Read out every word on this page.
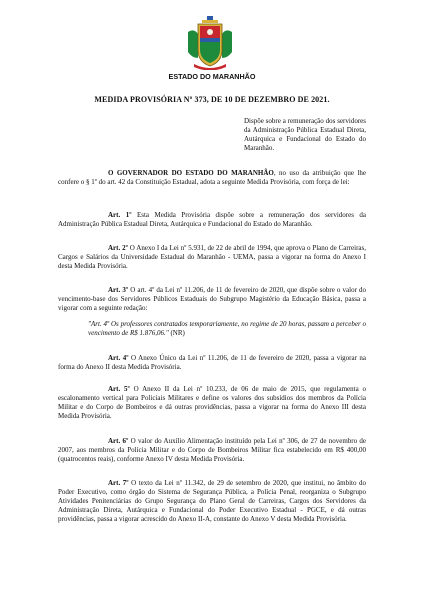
ESTADO DO MARANHÃO
MEDIDA PROVISÓRIA Nº 373, DE 10 DE DEZEMBRO DE 2021.
Dispõe sobre a remuneração dos servidores da Administração Pública Estadual Direta, Autárquica e Fundacional do Estado do Maranhão.

O GOVERNADOR DO ESTADO DO MARANHÃO, no uso da atribuição que lhe confere o § 1º do art. 42 da Constituição Estadual, adota a seguinte Medida Provisória, com força de lei:

Art. 1º Esta Medida Provisória dispõe sobre a remuneração dos servidores da Administração Pública Estadual Direta, Autárquica e Fundacional do Estado do Maranhão.

Art. 2º O Anexo I da Lei nº 5.931, de 22 de abril de 1994, que aprova o Plano de Carreiras, Cargos e Salários da Universidade Estadual do Maranhão - UEMA, passa a vigorar na forma do Anexo I desta Medida Provisória.

Art. 3º O art. 4º da Lei nº 11.206, de 11 de fevereiro de 2020, que dispõe sobre o valor do vencimento-base dos Servidores Públicos Estaduais do Subgrupo Magistério da Educação Básica, passa a vigorar com a seguinte redação:

"Art. 4º Os professores contratados temporariamente, no regime de 20 horas, passam a perceber o vencimento de R$ 1.876,06." (NR)

Art. 4º O Anexo Único da Lei nº 11.206, de 11 de fevereiro de 2020, passa a vigorar na forma do Anexo II desta Medida Provisória.

Art. 5º O Anexo II da Lei nº 10.233, de 06 de maio de 2015, que regulamenta o escalonamento vertical para Policiais Militares e define os valores dos subsídios dos membros da Polícia Militar e do Corpo de Bombeiros e dá outras providências, passa a vigorar na forma do Anexo III desta Medida Provisória.

Art. 6º O valor do Auxílio Alimentação instituído pela Lei nº 306, de 27 de novembro de 2007, aos membros da Polícia Militar e do Corpo de Bombeiros Militar fica estabelecido em R$ 400,00 (quatrocentos reais), conforme Anexo IV desta Medida Provisória.

Art. 7º O texto da Lei nº 11.342, de 29 de setembro de 2020, que institui, no âmbito do Poder Executivo, como órgão do Sistema de Segurança Pública, a Polícia Penal, reorganiza o Subgrupo Atividades Penitenciárias do Grupo Segurança do Plano Geral de Carreiras, Cargos dos Servidores da Administração Direta, Autárquica e Fundacional do Poder Executivo Estadual - PGCE, e dá outras providências, passa a vigorar acrescido do Anexo II-A, constante do Anexo V desta Medida Provisória.
